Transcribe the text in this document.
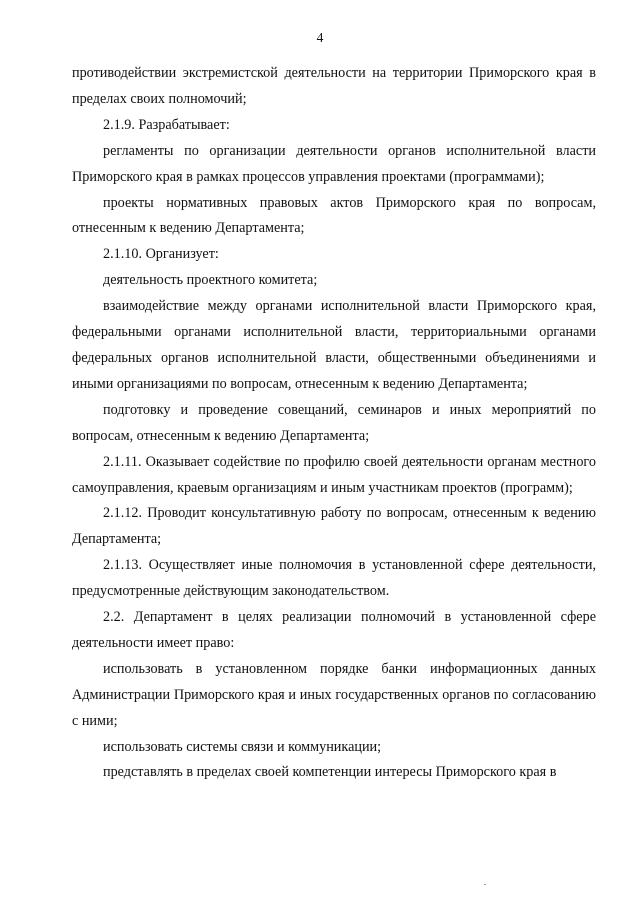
4

противодействии экстремистской деятельности на территории Приморского края в пределах своих полномочий;

2.1.9. Разрабатывает:

регламенты по организации деятельности органов исполнительной власти Приморского края в рамках процессов управления проектами (программами);

проекты нормативных правовых актов Приморского края по вопросам, отнесенным к ведению Департамента;

2.1.10. Организует:

деятельность проектного комитета;

взаимодействие между органами исполнительной власти Приморского края, федеральными органами исполнительной власти, территориальными органами федеральных органов исполнительной власти, общественными объединениями и иными организациями по вопросам, отнесенным к ведению Департамента;

подготовку и проведение совещаний, семинаров и иных мероприятий по вопросам, отнесенным к ведению Департамента;

2.1.11. Оказывает содействие по профилю своей деятельности органам местного самоуправления, краевым организациям и иным участникам проектов (программ);

2.1.12. Проводит консультативную работу по вопросам, отнесенным к ведению Департамента;

2.1.13. Осуществляет иные полномочия в установленной сфере деятельности, предусмотренные действующим законодательством.

2.2. Департамент в целях реализации полномочий в установленной сфере деятельности имеет право:

использовать в установленном порядке банки информационных данных Администрации Приморского края и иных государственных органов по согласованию с ними;

использовать системы связи и коммуникации;

представлять в пределах своей компетенции интересы Приморского края в
